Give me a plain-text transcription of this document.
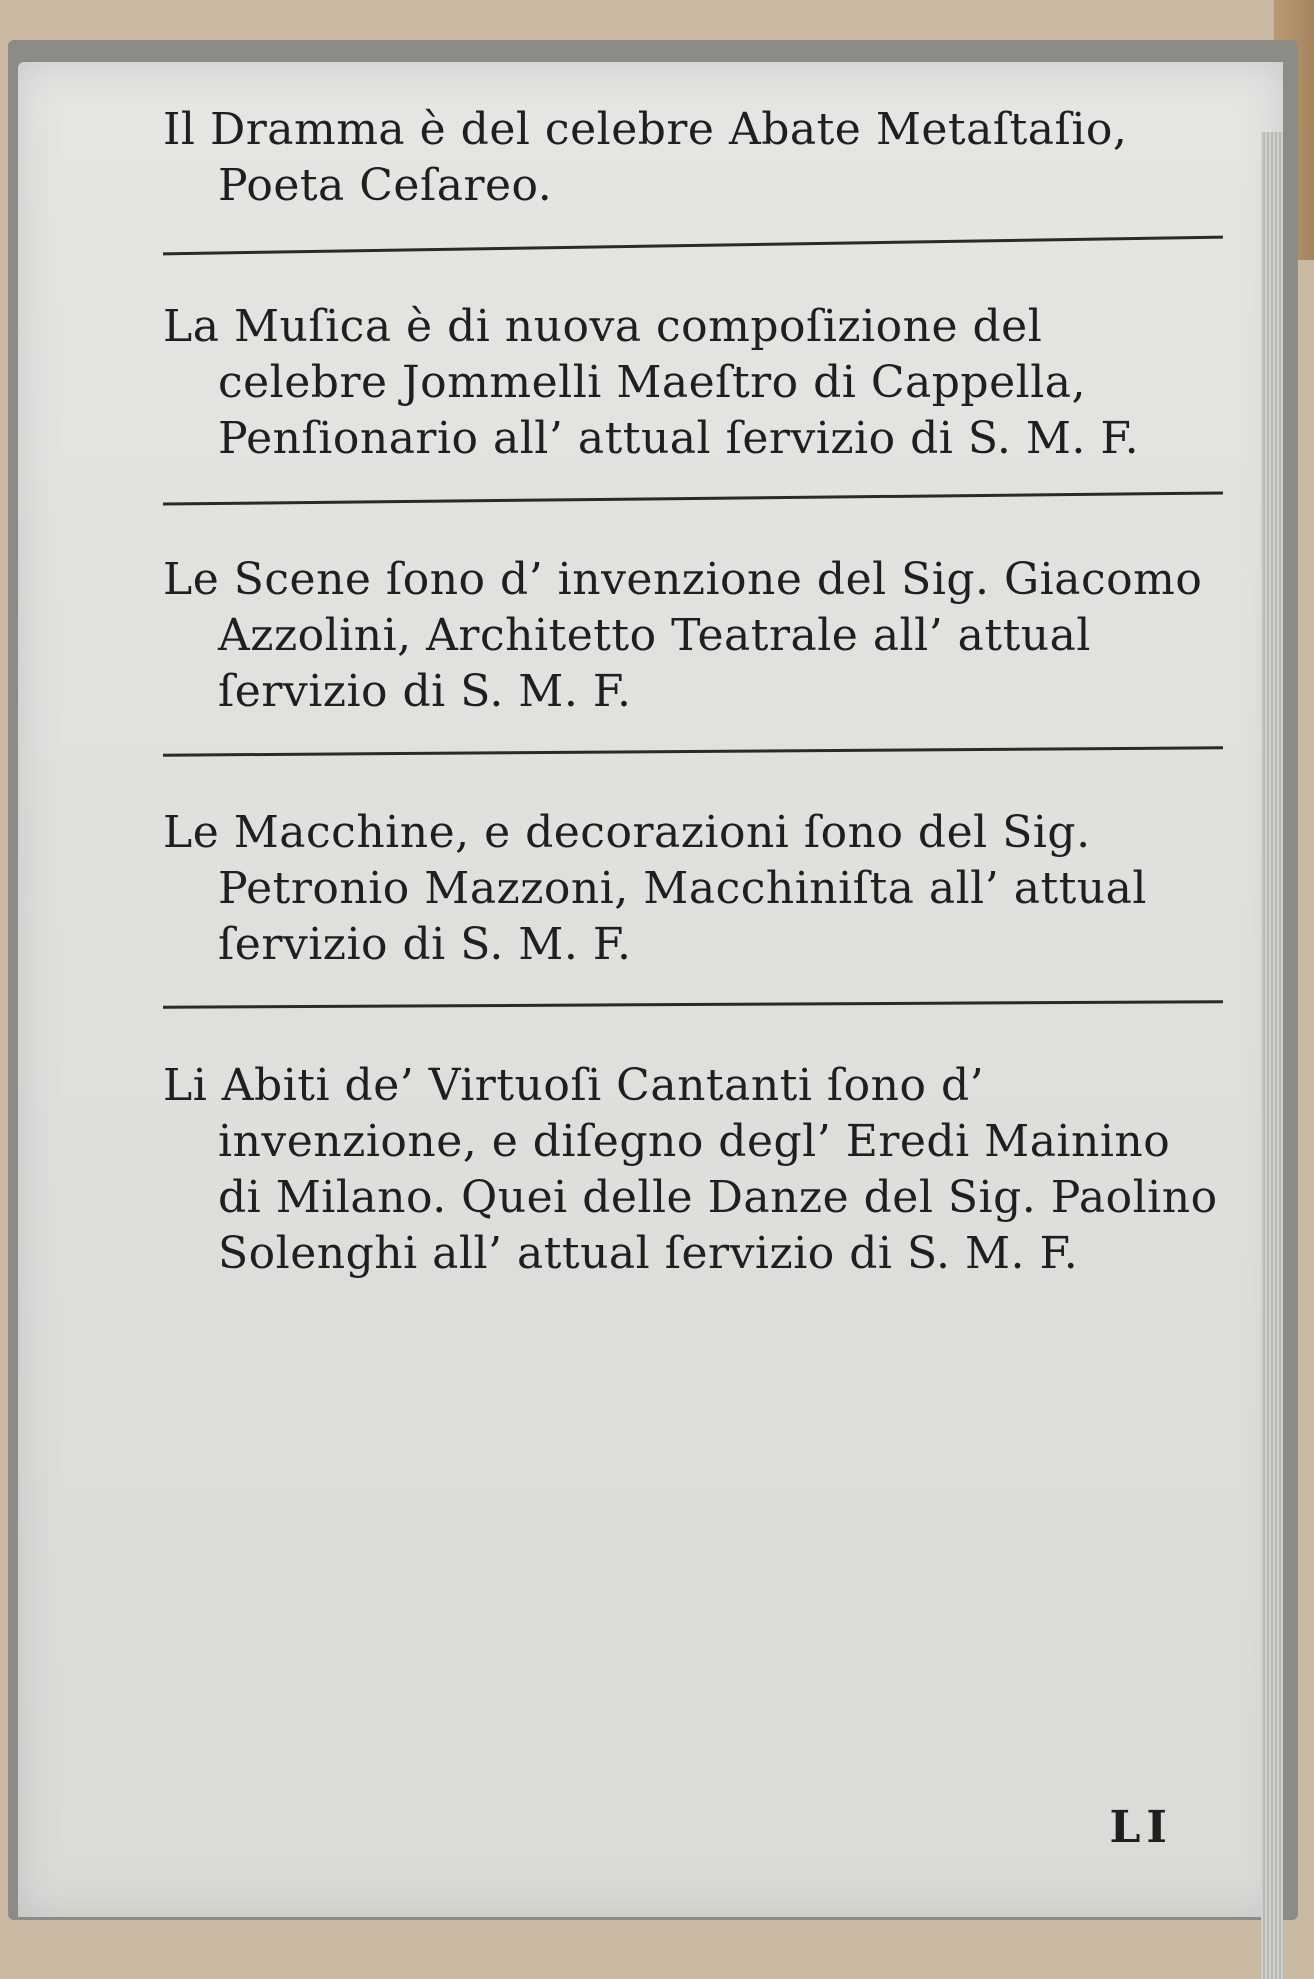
Il Dramma è del celebre Abate Metaſtaſio, Poeta Ceſareo.

La Muſica è di nuova compoſizione del celebre Jommelli Maeſtro di Cappella, Penſionario all’ attual ſervizio di S. M. F.

Le Scene ſono d’ invenzione del Sig. Giacomo Azzolini, Architetto Teatrale all’ attual ſervizio di S. M. F.

Le Macchine, e decorazioni ſono del Sig. Petronio Mazzoni, Macchiniſta all’ attual ſervizio di S. M. F.

Li Abiti de’ Virtuoſi Cantanti ſono d’ invenzione, e diſegno degl’ Eredi Mainino di Milano. Quei delle Danze del Sig. Paolino Solenghi all’ attual ſervizio di S. M. F.

LI
